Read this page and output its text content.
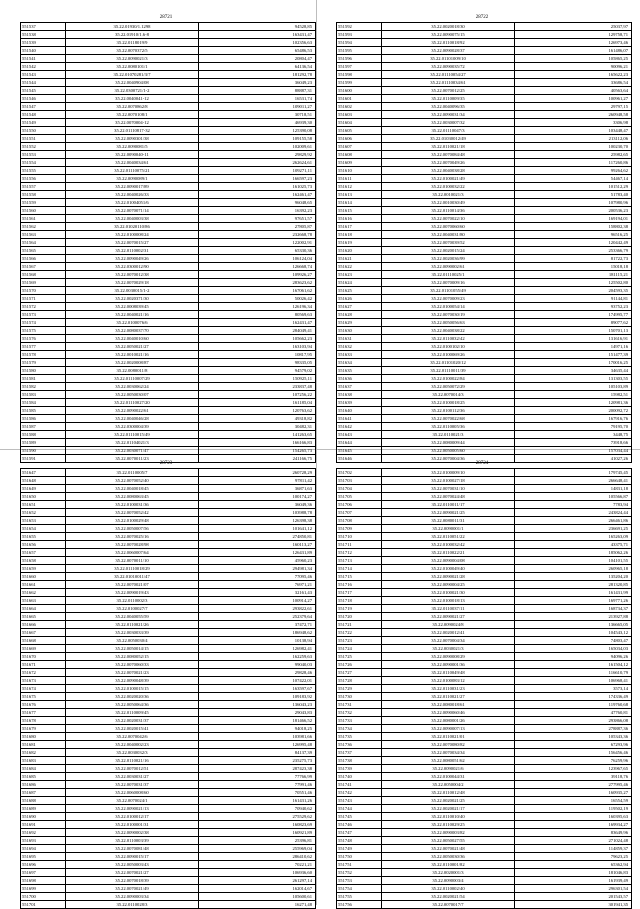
28721
551537	35.22.01930/1.1298	94528,85
551538	35.22.01910/1.6-8	163431,47
551539	35.22.0118019/9	102356,63
551540	35.22.0070372/5	65486,53
551541	35.22.0090021/3	20804,47
551542	35.22.0080101/1	64136,54
551543	35.22.01070281/3/7	181292,78
551544	35.22.0040904/08	36049,23
551545	35.22.0300721/1-2	88887,31
551546	35.22.0040041-12	16531,74
551547	35.22.0070862/8	109011,27
551548	35.22.0070108/1	30718,51
551549	35.22.0070004-12	46939,30
551550	35.22.01110817-32	125390,08
551551	35.22.0090301/38	109155,58
551552	35.22.0090081/5	102009,61
551553	35.22.0090040-11	29829,92
551554	35.22.0040034/61	262624,61
551555	35.22.01110075/21	109271,11
551556	35.22.0090089/1	166597,23
551557	35.22.0090017/89	161025,73
551558	35.22.0040026/33	162461,47
551559	35.22.01004051/6	96048,65
551560	35.22.0070071/14	16392,23
551561	35.22.0040003/38	97651,57
551562	35.22.01020110/86	27805,87
551563	35.22.0100008/24	232668,78
551564	35.22.0070015/27	122002,91
551565	35.22.0110002/31	65330,36
551566	35.22.0090049/26	106124,04
551567	35.22.0300012/90	126668,74
551568	35.22.0070012/38	109926,27
551569	35.22.0070029/18	283623,62
551570	35.22.0030015/1-2	167061,62
551571	35.22.0020371/30	50026,42
551572	35.22.0008039/45	126196,34
551573	35.22.0040021/16	80569,63
551574	35.22.0100076/6	162431,47
551575	35.22.0080037/70	284049,41
551576	35.22.0040010/60	105662,23
551577	35.22.0050021/27	163103,94
551578	35.22.0010021/16	10817,95
551579	35.22.0020008/87	98335,05
551580	35.22.0080011/8	94579,02
551581	35.22.01110007/29	150925,11
551582	35.22.0030062/24	233837,48
551583	35.22.0050030/07	107256,22
551584	35.22.01110027/20	161185,04
551585	35.22.0090022/61	120763,62
551586	35.22.0040046/28	49318,82
551587	35.22.0300004/39	30482,31
551588	35.22.01110015/49	141263,65
551589	35.22.01104021/3	166166,83
551590	35.22.0030071/47	154265,73
551591	35.22.0070011/23	241166,75
28722
551592	35.22.0020018/30	25037,97
551593	35.22.0090075/15	129758,71
551594	35.22.0110018/92	126973,46
551595	35.22.0090028/37	161486,07
551596	35.22.01101009/10	105865,25
551597	35.22.0090035/72	90096,21
551598	35.22.01110054/27	165622,23
551599	35.22.01110034/61	33686,54
551600	35.22.0070012/25	40563,64
551601	35.22.0110009/35	100961,27
551602	35.22.0040096/35	29797,15
551603	35.22.0090031/34	260948,58
551604	35.22.0030007/32	3306,98
551605	35.22.01110047/3	103448,47
551606	35.22.01030012/49	213112,06
551607	35.22.0110021/18	100230,70
551608	35.22.0070084/48	25982,65
551609	35.22.0070049/26	117260,86
551610	35.22.0040038/28	99264,62
551611	35.22.0100021/49	54467,14
551612	35.22.0100032/22	101512,29
551613	35.22.0010021/3	51783,40
551614	35.22.0010030/49	107980,96
551615	35.22.0110014/36	200536,23
551616	35.22.0070022/10	169194,01
551617	35.22.0070060/60	158802,38
551618	35.22.0040031/80	96516,25
551619	35.22.0070039/52	120442,49
551620	35.22.0020015/24	253366,79
551621	35.22.0020036/99	81722,73
551622	35.22.0090002/61	15018,18
551623	35.22.01110025/1	181115,21
551624	35.22.0070009/16	125502,80
551625	35.22.01101055/49	204593,35
551626	35.22.0070009/23	91144,81
551627	35.22.0100054/14	93752,23
551628	35.22.0070030/19	174995,77
551629	35.22.0050056/63	89077,62
551630	35.22.0040038/22	150701,13
551631	35.22.0110032/42	131616,91
551632	35.22.0100102/10	14971,16
551633	35.22.0100069/26	151477,39
551634	35.22.01101020/12	170016,25
551635	35.22.01110011/39	34635,44
551636	35.22.0100022/84	131303,55
551637	35.22.0050072/29	105103,89
551638	35.22.0070014/3	15982,51
551639	35.22.0100018/25	120981,36
551640	35.22.0100112/36	200092,72
551641	35.22.0070022/68	167916,76
551642	35.22.0110005/36	79195,70
551643	35.22.0110021/3	3448,75
551644	35.22.0080009/44	73918,66
551645	35.22.0050005/60	157034,44
551646	35.22.0070004/36	41027,26
28723
551647	35.22.0110005/7	260728,29
551648	35.22.0070052/40	97811,42
551649	35.22.0040018/45	36871,63
551650	35.22.0080063/45	100174,27
551651	35.22.0100031/36	36049,36
551652	35.22.0070052/42	103988,78
551653	35.22.0100029/48	126398,38
551654	35.22.0050007/56	101641,12
551655	35.22.0070025/16	274850,81
551656	35.22.0070028/98	160113,27
551657	35.22.0060007/64	126431,89
551658	35.22.0070011/10	45960,23
551659	35.22.01110018/29	294981,34
551660	35.22.01010011/47	77095,46
551661	35.22.0070021/07	76971,21
551662	35.22.0090019/43	32161,43
551663	35.22.0110002/3	100914,27
551664	35.22.0100027/7	293822,61
551665	35.22.0040055/59	252379,64
551666	35.22.0110021/26	37472,71
551667	35.22.0030033/39	186948,62
551668	35.22.0050030/4	10138,94
551669	35.22.0050014/15	126982,41
551670	35.22.0080052/15	162259,63
551671	35.22.0070060/33	99040,03
551672	35.22.0070021/23	29828,46
551673	35.22.0090048/39	107422,01
551674	35.22.0100015/15	163597,67
551675	35.22.0020020/36	109183,92
551676	35.22.0050064/36	136043,23
551677	35.22.0110009/45	29043,83
551678	35.22.0020031/37	181466,52
551679	35.22.0020015/41	94018,25
551680	35.22.0070042/6	103981,66
551681	35.22.0040002/23	126995,48
551682	35.22.0030032/3	84137,39
551683	35.22.0110021/16	235275,73
551684	35.22.0070012/51	287423,38
551685	35.22.0030031/27	77766,99
551686	35.22.0070031/37	77991,46
551687	35.22.0060008/60	70551,46
551688	35.22.0070024/1	161431,26
551689	35.22.0090021/13	70940,62
551690	35.22.0100012/17	275529,62
551691	35.22.0100001/31	160823,69
551692	35.22.0090002/38	160921,89
551693	35.22.0110003/39	25396,81
551694	35.22.0070081/48	255969,04
551695	35.22.0090015/17	286410,62
551696	35.22.0050003/43	70221,21
551697	35.22.0070021/27	106936,60
551698	35.22.0070018/39	261297,14
551699	35.22.0070021/49	162014,67
551700	35.22.0090003/34	105600,61
551701	35.22.0110028/3	16271,48
28724
551702	35.22.0100009/10	179745,45
551703	35.22.0100027/18	266648,41
551704	35.22.0070031/10	14831,18
551705	35.22.0070024/48	105566,87
551706	35.22.0110011/17	7783,94
551707	35.22.0090021/25	243824,44
551708	35.22.0080011/31	266461,86
551709	35.22.0090001/1	236691,25
551710	35.22.0110051/22	165263,09
551711	35.22.0100032/42	43375,71
551712	35.22.0110022/21	185062,26
551713	35.22.0090004/08	104101,55
551714	35.22.0100049/40	260965,18
551715	35.22.0090021/28	135204,20
551716	35.22.0090004/25	281320,85
551717	35.22.0100021/30	161431,99
551718	35.22.0100018/13	169771,26
551719	35.22.0110037/11	168734,37
551720	35.22.0090021/27	213927,88
551721	35.22.0090024/8	136665,05
551722	35.22.0020012/41	104543,12
551723	35.22.0070004/34	74803,47
551724	35.22.0030021/3	165034,03
551725	35.22.0090008/29	94096,26
551726	35.22.0090001/36	161504,12
551727	35.22.0110049/48	116610,79
551728	35.22.0100083/12	106968,41
551729	35.22.0110031/23	3573,14
551730	35.22.0110021/27	174336,49
551731	35.22.0080018/61	119760,68
551732	35.22.0090060/46	47760,81
551733	35.22.0080001/26	293866,08
551734	35.22.0090007/13	278887,36
551735	35.22.0110021/01	105343,36
551736	35.22.0070080/82	67293,96
551737	35.22.0070034/34	156456,46
551738	35.22.0080051/62	76259,96
551739	35.22.0090021/6	123967,65
551740	35.22.0100044/31	39118,76
551741	35.22.0050004/2	277995,46
551742	35.22.0110012/48	160935,27
551743	35.22.0020021/25	16554,59
551744	35.22.0020021/17	119502,19
551745	35.22.0110010/40	160395,63
551746	35.22.0110029/25	169934,27
551747	35.22.0090003/82	83649,96
551748	35.22.0050027/55	271024,48
551749	35.22.0070021/48	114859,37
551750	35.22.0050030/36	79623,25
551751	35.22.0110001/82	65362,94
551752	35.22.0020001/3	181046,83
551753	35.22.0090003/4	161939,49
551754	35.22.0110002/40	296301,54
551755	35.22.0020021/54	201543,57
551756	35.22.0070017/7	301941,35
